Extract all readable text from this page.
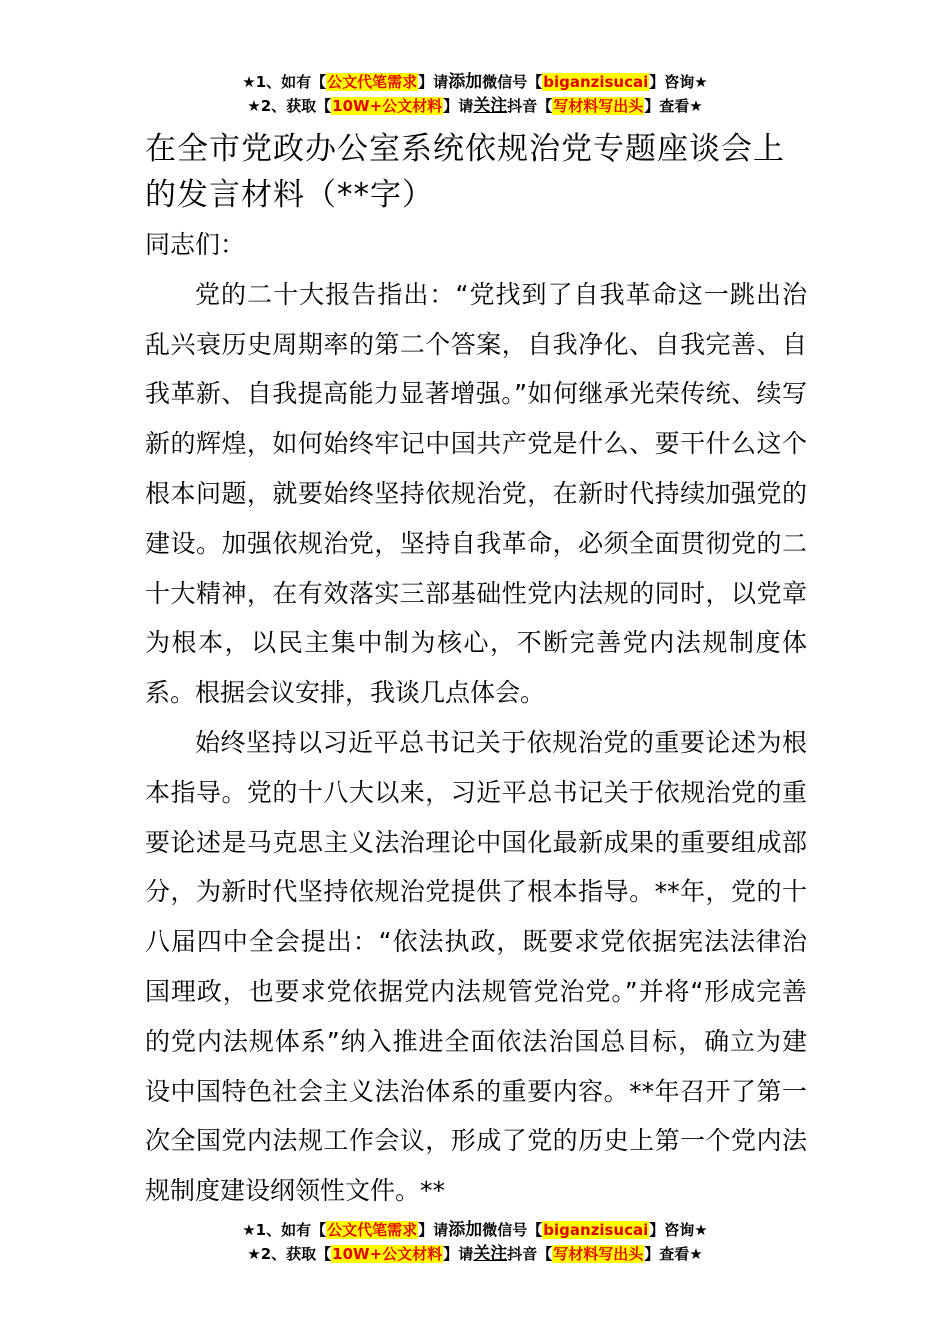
★1、如有【公文代笔需求】请添加微信号【biganzisucai】咨询★
★2、获取【10W+公文材料】请关注抖音【写材料写出头】查看★
在全市党政办公室系统依规治党专题座谈会上的发言材料（**字）

同志们：

党的二十大报告指出：“党找到了自我革命这一跳出治乱兴衰历史周期率的第二个答案，自我净化、自我完善、自我革新、自我提高能力显著增强。”如何继承光荣传统、续写新的辉煌，如何始终牢记中国共产党是什么、要干什么这个根本问题，就要始终坚持依规治党，在新时代持续加强党的建设。加强依规治党，坚持自我革命，必须全面贯彻党的二十大精神，在有效落实三部基础性党内法规的同时，以党章为根本，以民主集中制为核心，不断完善党内法规制度体系。根据会议安排，我谈几点体会。

始终坚持以习近平总书记关于依规治党的重要论述为根本指导。党的十八大以来，习近平总书记关于依规治党的重要论述是马克思主义法治理论中国化最新成果的重要组成部分，为新时代坚持依规治党提供了根本指导。**年，党的十八届四中全会提出：“依法执政，既要求党依据宪法法律治国理政，也要求党依据党内法规管党治党。”并将“形成完善的党内法规体系”纳入推进全面依法治国总目标，确立为建设中国特色社会主义法治体系的重要内容。**年召开了第一次全国党内法规工作会议，形成了党的历史上第一个党内法规制度建设纲领性文件。**

★1、如有【公文代笔需求】请添加微信号【biganzisucai】咨询★
★2、获取【10W+公文材料】请关注抖音【写材料写出头】查看★
